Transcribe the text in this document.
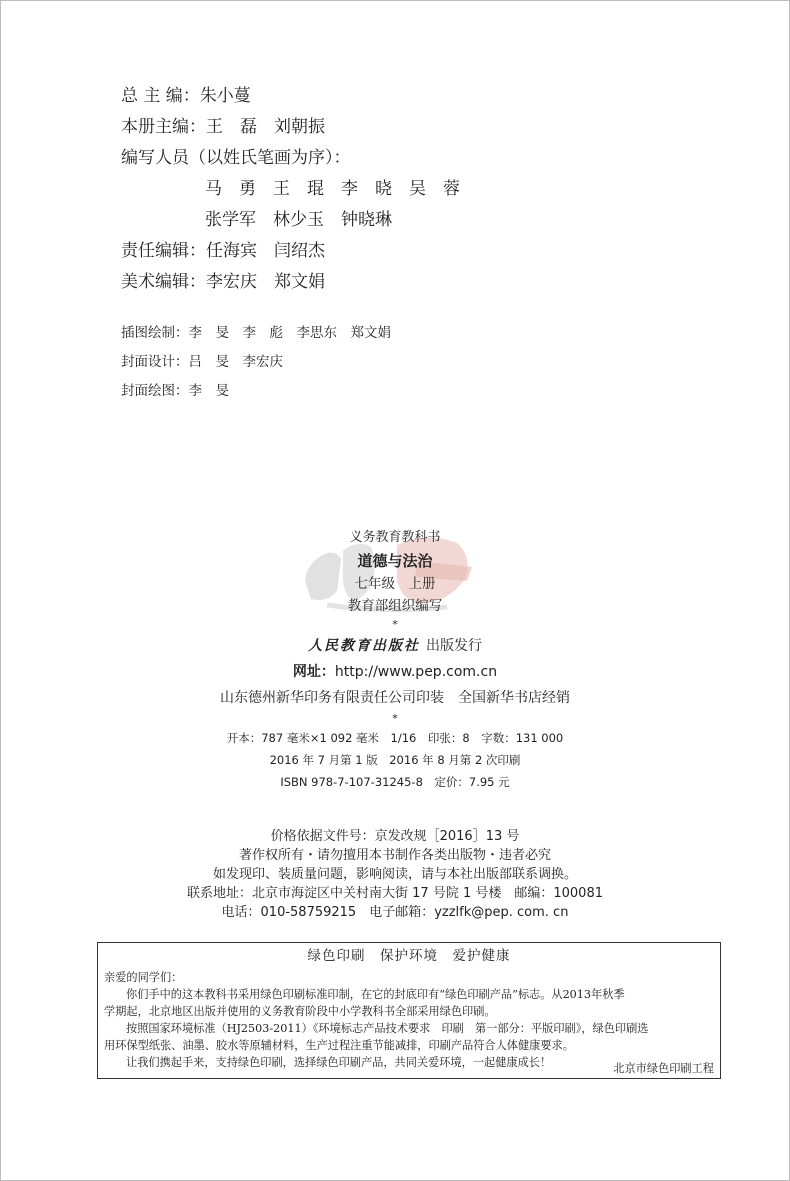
总 主 编：朱小蔓
本册主编：王　磊　刘朝振
编写人员（以姓氏笔画为序）：
马　勇　王　琨　李　晓　吴　蓉
张学军　林少玉　钟晓琳
责任编辑：任海宾　闫绍杰
美术编辑：李宏庆　郑文娟
插图绘制：李　旻　李　彪　李思东　郑文娟
封面设计：吕　旻　李宏庆
封面绘图：李　旻
义务教育教科书
道德与法治
七年级　上册
教育部组织编写
*
人民教育出版社 出版发行
网址：http://www.pep.com.cn
山东德州新华印务有限责任公司印装　全国新华书店经销
*
开本：787 毫米×1 092 毫米　1/16　印张：8　字数：131 000
2016 年 7 月第 1 版　2016 年 8 月第 2 次印刷
ISBN 978-7-107-31245-8　定价：7.95 元
价格依据文件号：京发改规［2016］13 号
著作权所有・请勿擅用本书制作各类出版物・违者必究
如发现印、装质量问题，影响阅读，请与本社出版部联系调换。
联系地址：北京市海淀区中关村南大街 17 号院 1 号楼　邮编：100081
电话：010-58759215　电子邮箱：yzzlfk@pep. com. cn
绿色印刷　保护环境　爱护健康
亲爱的同学们：
你们手中的这本教科书采用绿色印刷标准印制，在它的封底印有“绿色印刷产品”标志。从2013年秋季
学期起，北京地区出版并使用的义务教育阶段中小学教科书全部采用绿色印刷。
按照国家环境标准（HJ2503-2011）《环境标志产品技术要求　印刷　第一部分：平版印刷》，绿色印刷选
用环保型纸张、油墨、胶水等原辅材料，生产过程注重节能减排，印刷产品符合人体健康要求。
让我们携起手来，支持绿色印刷，选择绿色印刷产品，共同关爱环境，一起健康成长！	北京市绿色印刷工程
